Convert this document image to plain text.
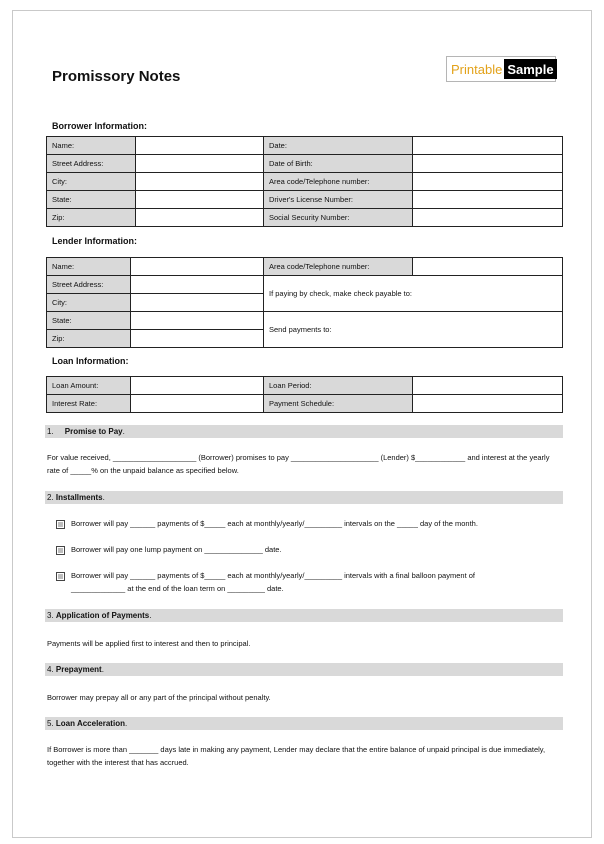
Promissory Notes	Printable Sample
Borrower Information:
Name:		Date:	
Street Address:		Date of Birth:	
City:		Area code/Telephone number:	
State:		Driver's License Number:	
Zip:		Social Security Number:	
Lender Information:
Name:		Area code/Telephone number:	
Street Address:		If paying by check, make check payable to:	
City:			
State:		Send payments to:	
Zip:			
Loan Information:
Loan Amount:		Loan Period:	
Interest Rate:		Payment Schedule:	
1. Promise to Pay.
For value received, ____________________ (Borrower) promises to pay _____________________ (Lender) $____________ and interest at the yearly rate of _____% on the unpaid balance as specified below.
2. Installments.
Borrower will pay ______ payments of $_____ each at monthly/yearly/_________ intervals on the _____ day of the month.
Borrower will pay one lump payment on ______________ date.
Borrower will pay ______ payments of $_____ each at monthly/yearly/_________ intervals with a final balloon payment of _____________ at the end of the loan term on _________ date.
3. Application of Payments.
Payments will be applied first to interest and then to principal.
4. Prepayment.
Borrower may prepay all or any part of the principal without penalty.
5. Loan Acceleration.
If Borrower is more than _______ days late in making any payment, Lender may declare that the entire balance of unpaid principal is due immediately, together with the interest that has accrued.
